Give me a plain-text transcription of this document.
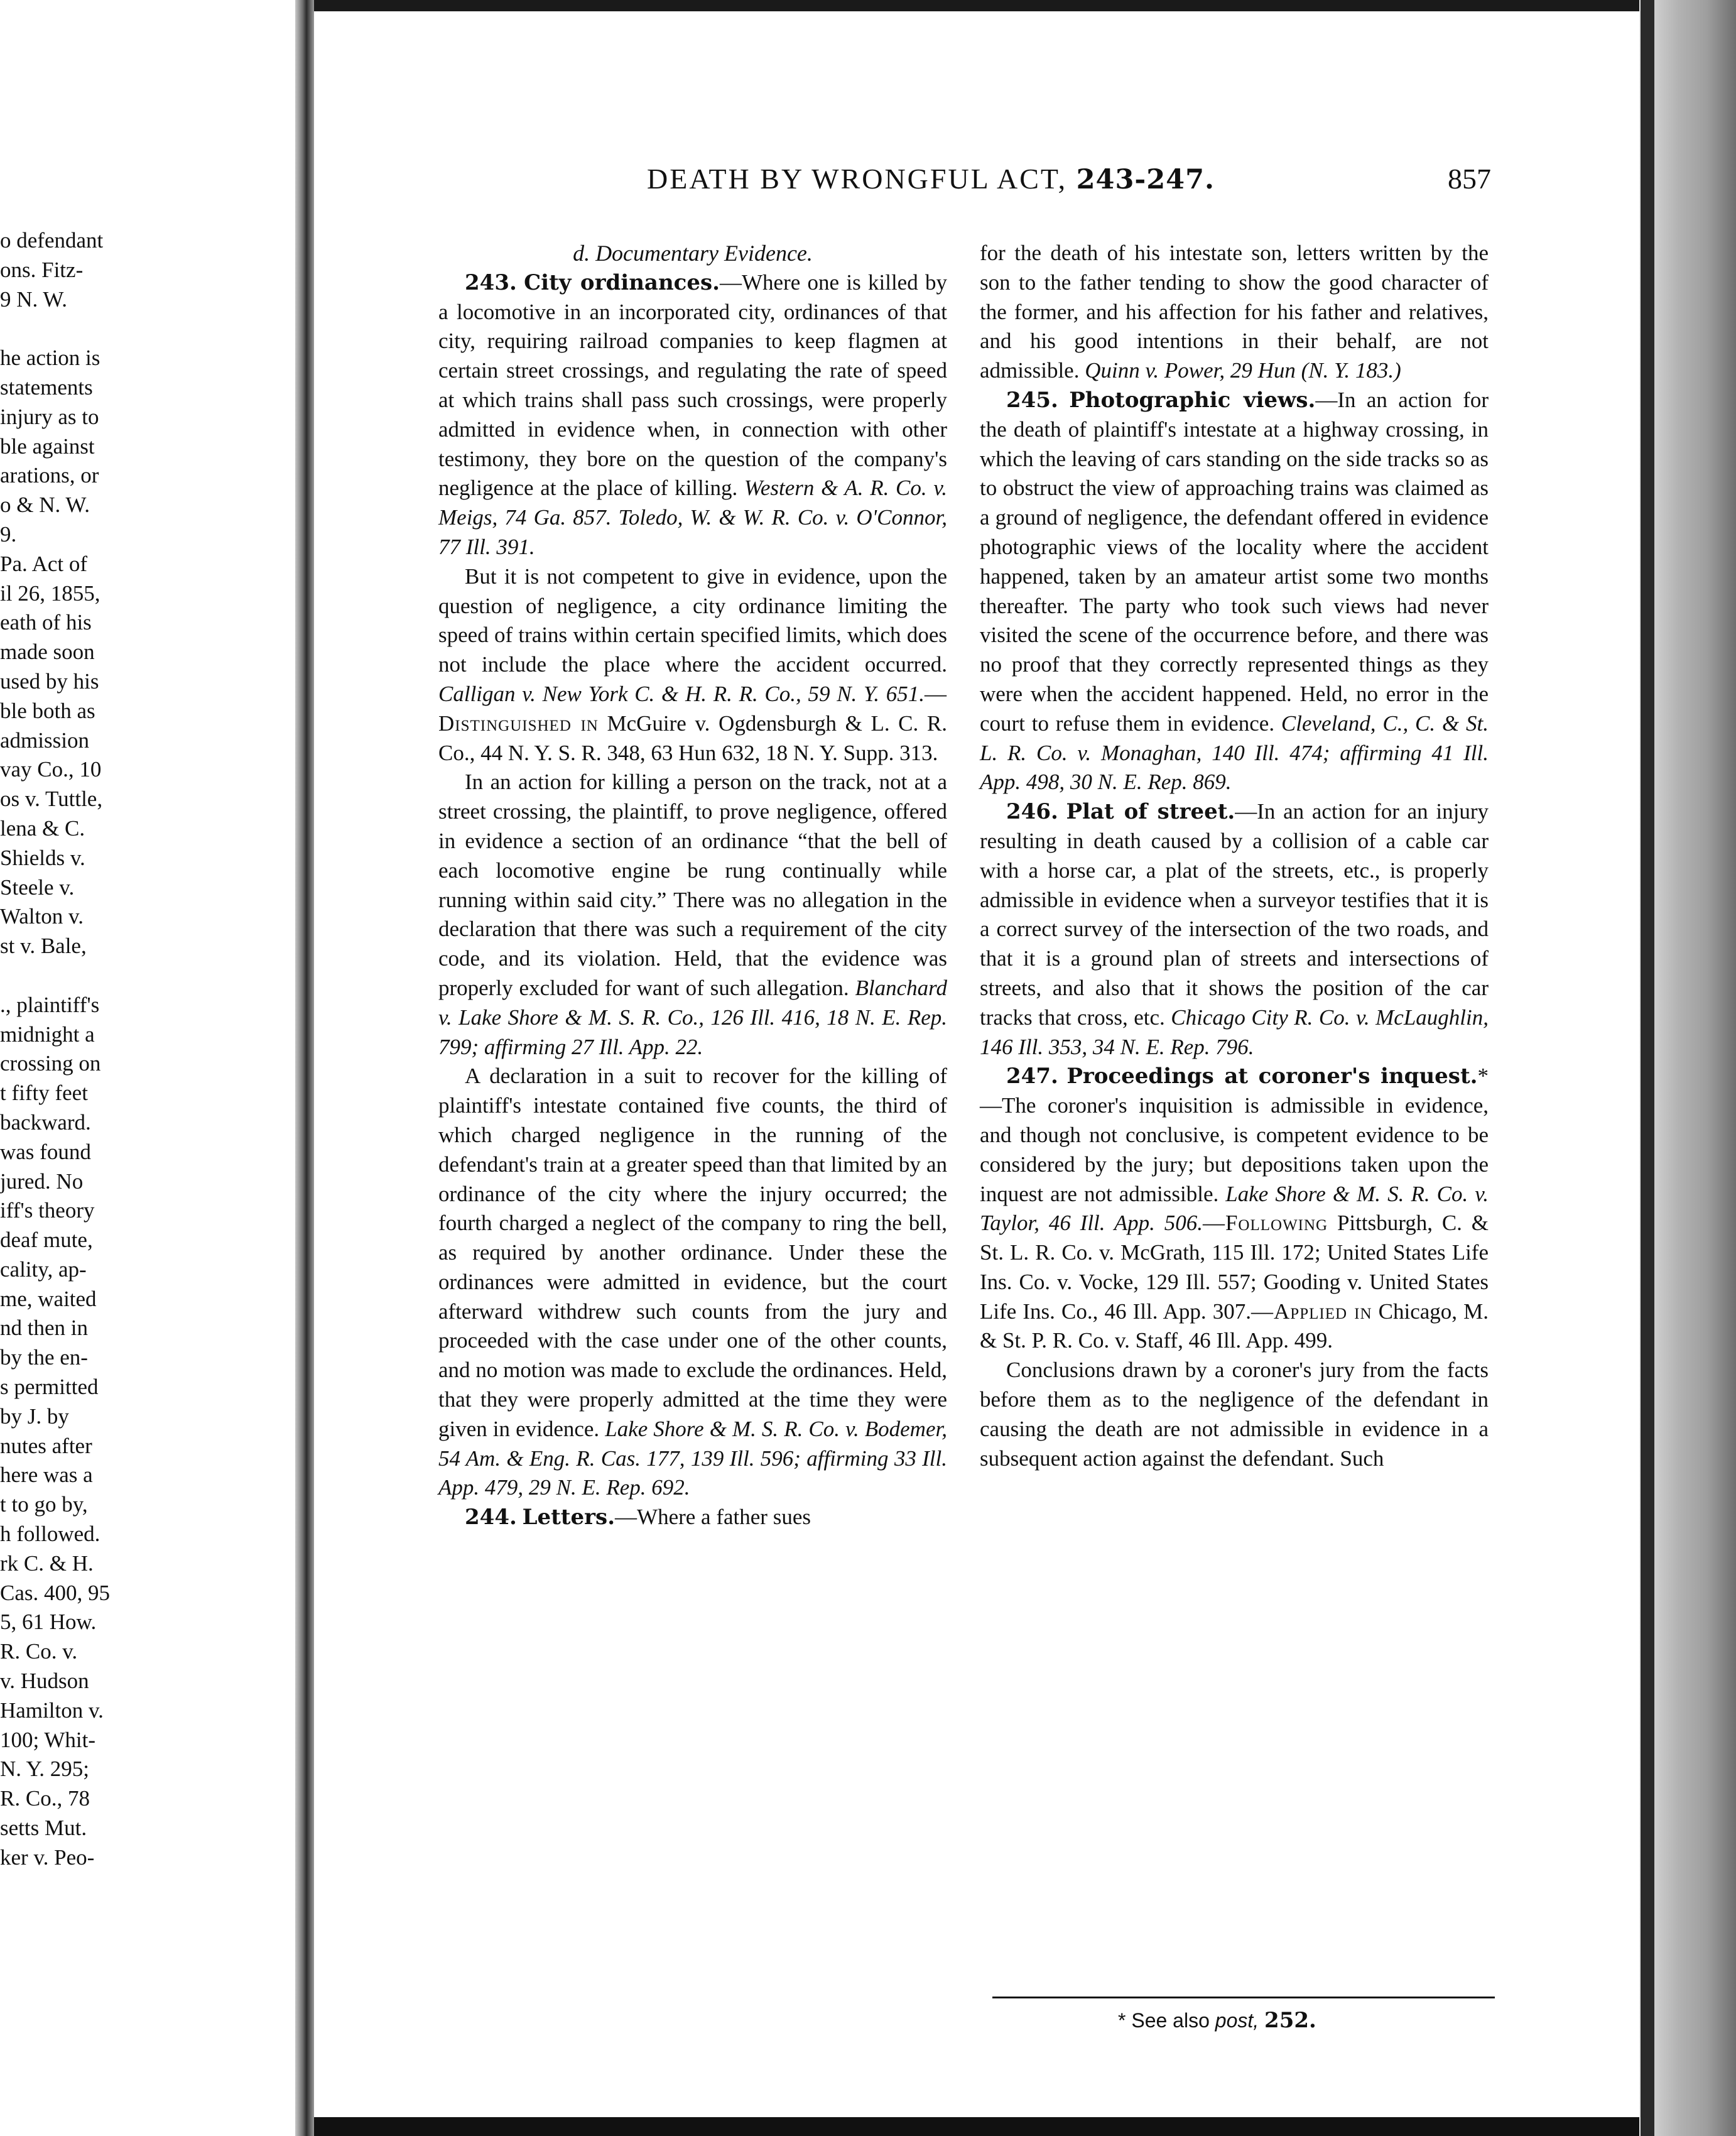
o defendant
ons. Fitz-
9 N. W.
he action is
statements
injury as to
ble against
arations, or
o & N. W.
9.
Pa. Act of
il 26, 1855,
eath of his
made soon
used by his
ble both as
admission
vay Co., 10
os v. Tuttle,
lena & C.
Shields v.
Steele v.
Walton v.
st v. Bale,
., plaintiff's
midnight a
crossing on
t fifty feet
backward.
was found
jured. No
iff's theory
deaf mute,
cality, ap-
me, waited
nd then in
by the en-
s permitted
by J. by
nutes after
here was a
t to go by,
h followed.
rk C. & H.
Cas. 400, 95
5, 61 How.
R. Co. v.
v. Hudson
Hamilton v.
100; Whit-
N. Y. 295;
R. Co., 78
setts Mut.
ker v. Peo-
DEATH BY WRONGFUL ACT, 243-247.	857

d. Documentary Evidence.

243. City ordinances.—Where one is killed by a locomotive in an incorporated city, ordinances of that city, requiring railroad companies to keep flagmen at certain street crossings, and regulating the rate of speed at which trains shall pass such crossings, were properly admitted in evidence when, in connection with other testimony, they bore on the question of the company's negligence at the place of killing. Western & A. R. Co. v. Meigs, 74 Ga. 857. Toledo, W. & W. R. Co. v. O'Connor, 77 Ill. 391.

But it is not competent to give in evidence, upon the question of negligence, a city ordinance limiting the speed of trains within certain specified limits, which does not include the place where the accident occurred. Calligan v. New York C. & H. R. R. Co., 59 N. Y. 651.—Distinguished in McGuire v. Ogdensburgh & L. C. R. Co., 44 N. Y. S. R. 348, 63 Hun 632, 18 N. Y. Supp. 313.

In an action for killing a person on the track, not at a street crossing, the plaintiff, to prove negligence, offered in evidence a section of an ordinance “that the bell of each locomotive engine be rung continually while running within said city.” There was no allegation in the declaration that there was such a requirement of the city code, and its violation. Held, that the evidence was properly excluded for want of such allegation. Blanchard v. Lake Shore & M. S. R. Co., 126 Ill. 416, 18 N. E. Rep. 799; affirming 27 Ill. App. 22.

A declaration in a suit to recover for the killing of plaintiff's intestate contained five counts, the third of which charged negligence in the running of the defendant's train at a greater speed than that limited by an ordinance of the city where the injury occurred; the fourth charged a neglect of the company to ring the bell, as required by another ordinance. Under these the ordinances were admitted in evidence, but the court afterward withdrew such counts from the jury and proceeded with the case under one of the other counts, and no motion was made to exclude the ordinances. Held, that they were properly admitted at the time they were given in evidence. Lake Shore & M. S. R. Co. v. Bodemer, 54 Am. & Eng. R. Cas. 177, 139 Ill. 596; affirming 33 Ill. App. 479, 29 N. E. Rep. 692.

244. Letters.—Where a father sues

for the death of his intestate son, letters written by the son to the father tending to show the good character of the former, and his affection for his father and relatives, and his good intentions in their behalf, are not admissible. Quinn v. Power, 29 Hun (N. Y. 183.)

245. Photographic views.—In an action for the death of plaintiff's intestate at a highway crossing, in which the leaving of cars standing on the side tracks so as to obstruct the view of approaching trains was claimed as a ground of negligence, the defendant offered in evidence photographic views of the locality where the accident happened, taken by an amateur artist some two months thereafter. The party who took such views had never visited the scene of the occurrence before, and there was no proof that they correctly represented things as they were when the accident happened. Held, no error in the court to refuse them in evidence. Cleveland, C., C. & St. L. R. Co. v. Monaghan, 140 Ill. 474; affirming 41 Ill. App. 498, 30 N. E. Rep. 869.

246. Plat of street.—In an action for an injury resulting in death caused by a collision of a cable car with a horse car, a plat of the streets, etc., is properly admissible in evidence when a surveyor testifies that it is a correct survey of the intersection of the two roads, and that it is a ground plan of streets and intersections of streets, and also that it shows the position of the car tracks that cross, etc. Chicago City R. Co. v. McLaughlin, 146 Ill. 353, 34 N. E. Rep. 796.

247. Proceedings at coroner's inquest.*—The coroner's inquisition is admissible in evidence, and though not conclusive, is competent evidence to be considered by the jury; but depositions taken upon the inquest are not admissible. Lake Shore & M. S. R. Co. v. Taylor, 46 Ill. App. 506.—Following Pittsburgh, C. & St. L. R. Co. v. McGrath, 115 Ill. 172; United States Life Ins. Co. v. Vocke, 129 Ill. 557; Gooding v. United States Life Ins. Co., 46 Ill. App. 307.—Applied in Chicago, M. & St. P. R. Co. v. Staff, 46 Ill. App. 499.

Conclusions drawn by a coroner's jury from the facts before them as to the negligence of the defendant in causing the death are not admissible in evidence in a subsequent action against the defendant. Such

* See also post, 252.
